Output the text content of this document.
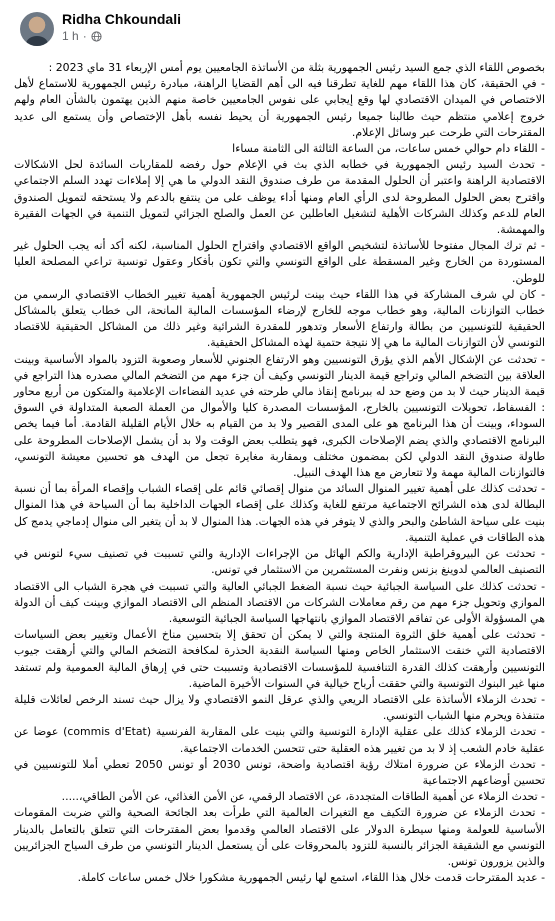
Ridha Chkoundali
1 h ·

بخصوص اللقاء الذي جمع السيد رئيس الجمهورية بثلة من الأساتذة الجامعيين يوم أمس الإربعاء 31 ماي 2023 :

- في الحقيقة، كان هذا اللقاء مهم للغاية تطرقنا فيه الى أهم القضايا الراهنة، مبادرة رئيس الجمهورية للاستماع لأهل الاختصاص في الميدان الاقتصادي لها وقع إيجابي على نفوس الجامعيين خاصة منهم الذين يهتمون بالشأن العام ولهم خروج إعلامي منتظم حيث طالبنا جميعا رئيس الجمهورية أن يحيط نفسه بأهل الإختصاص وأن يستمع الى عديد المقترحات التي طرحت عبر وسائل الإعلام.

- اللقاء دام حوالي خمس ساعات، من الساعة الثالثة الى الثامنة مساءا

- تحدث السيد رئيس الجمهورية في خطابه الذي بث في الإعلام حول رفضه للمقاربات السائدة لحل الاشكالات الاقتصادية الراهنة واعتبر أن الحلول المقدمة من طرف صندوق النقد الدولي ما هي إلا إملاءات تهدد السلم الاجتماعي واقترح بعض الحلول المطروحة لدى الرأي العام ومنها أداء يوظف على من ينتفع بالدعم ولا يستحقه لتمويل الصندوق العام للدعم وكذلك الشركات الأهلية لتشغيل العاطلين عن العمل والصلح الجزائي لتمويل التنمية في الجهات الفقيرة والمهمشة.

- ثم ترك المجال مفتوحا للأساتذة لتشخيص الواقع الاقتصادي واقتراح الحلول المناسبة، لكنه أكد أنه يجب الحلول غير المستوردة من الخارج وغير المسقطة على الواقع التونسي والتي تكون بأفكار وعقول تونسية تراعي المصلحة العليا للوطن.

- كان لي شرف المشاركة في هذا اللقاء حيث بينت لرئيس الجمهورية أهمية تغيير الخطاب الاقتصادي الرسمي من خطاب التوازنات المالية، وهو خطاب موجه للخارج لإرضاء المؤسسات المالية المانحة، الى خطاب يتعلق بالمشاكل الحقيقية للتونسيين من بطالة وارتفاع الأسعار وتدهور للمقدرة الشرائية وغير ذلك من المشاكل الحقيقية للاقتصاد التونسي لأن التوازنات المالية ما هي إلا نتيجة حتمية لهذه المشاكل الحقيقية.

- تحدثت عن الإشكال الأهم الذي يؤرق التونسيين وهو الارتفاع الجنوني للأسعار وصعوبة التزود بالمواد الأساسية وبينت العلاقة بين التضخم المالي وتراجع قيمة الدينار التونسي وكيف أن جزء مهم من التضخم المالي مصدره هذا التراجع في قيمة الدينار حيث لا بد من وضع حد له ببرنامج إنقاذ مالي طرحته في عديد الفضاءات الإعلامية والمتكون من أربع محاور : الفسفاط، تحويلات التونسيين بالخارج، المؤسسات المصدرة كليا والأموال من العملة الصعبة المتداولة في السوق السوداء، وبينت أن هذا البرنامج هو على المدى القصير ولا بد من القيام به خلال الأيام القليلة القادمة. أما فيما يخص البرنامج الاقتصادي والذي يضم الإصلاحات الكبرى، فهو يتطلب بعض الوقت ولا بد أن يشمل الإصلاحات المطروحة على طاولة صندوق النقد الدولي لكن بمضمون مختلف وبمقاربة مغايرة تجعل من الهدف هو تحسين معيشة التونسي، فالتوازنات المالية مهمة ولا تتعارض مع هذا الهدف النبيل.

- تحدثت كذلك على أهمية تغيير المنوال السائد من منوال إقصائي قائم على إقصاء الشباب وإقصاء المرأة بما أن نسبة البطالة لدى هذه الشرائح الاجتماعية مرتفع للغاية وكذلك على إقصاء الجهات الداخلية بما أن السياحة في هذا المنوال بنيت على سياحة الشاطئ والبحر والذي لا يتوفر في هذه الجهات. هذا المنوال لا بد أن يتغير الى منوال إدماجي يدمج كل هذه الطاقات في عملية التنمية.

- تحدثت عن البيروقراطية الإدارية والكم الهائل من الإجراءات الإدارية والتي تسببت في تصنيف سيء لتونس في التصنيف العالمي لدوينغ بزنس ونفرت المستثمرين من الاستثمار في تونس.

- تحدثت كذلك على السياسة الجبائية حيث نسبة الضغط الجبائي العالية والتي تسببت في هجرة الشباب الى الاقتصاد الموازي وتحويل جزء مهم من رقم معاملات الشركات من الاقتصاد المنظم الى الاقتصاد الموازي وبينت كيف أن الدولة هي المسؤولة الأولى عن تفاقم الاقتصاد الموازي بانتهاجها السياسة الجبائية التوسعية.

- تحدثت على أهمية خلق الثروة المنتجة والتي لا يمكن أن تحقق إلا بتحسين مناخ الأعمال وتغيير بعض السياسات الاقتصادية التي خنقت الاستثمار الخاص ومنها السياسة النقدية الحذرة لمكافحة التضخم المالي والتي أرهقت جيوب التونسيين وأرهقت كذلك القدرة التنافسية للمؤسسات الاقتصادية وتسببت حتى في إرهاق المالية العمومية ولم تستفد منها غير البنوك التونسية والتي حققت أرباح خيالية في السنوات الأخيرة الماضية.

- تحدث الزملاء الأساتذة على الاقتصاد الريعي والذي عرقل النمو الاقتصادي ولا يزال حيث تسند الرخص لعائلات قليلة متنفذة ويحرم منها الشباب التونسي.

- تحدث الزملاء كذلك على عقلية الإدارة التونسية والتي بنيت على المقاربة الفرنسية (commis d'Etat) عوضا عن عقلية خادم الشعب إذ لا بد من تغيير هذه العقلية حتى تتحسن الخدمات الاجتماعية.

- تحدث الزملاء عن ضرورة امتلاك رؤية اقتصادية واضحة، تونس 2030 أو تونس 2050 تعطي أملا للتونسيين في تحسين أوضاعهم الاجتماعية

- تحدث الزملاء عن أهمية الطاقات المتجددة، عن الاقتصاد الرقمي، عن الأمن الغذائي، عن الأمن الطاقي،.....

- تحدث الزملاء عن ضرورة التكيف مع التغيرات العالمية التي طرأت بعد الجائحة الصحية والتي ضربت المقومات الأساسية للعولمة ومنها سيطرة الدولار على الاقتصاد العالمي وقدموا بعض المقترحات التي تتعلق بالتعامل بالدينار التونسي مع الشقيقة الجزائر بالنسبة للتزود بالمحروقات على أن يستعمل الدينار التونسي من طرف السياح الجزائريين والذين يزورون تونس.

- عديد المقترحات قدمت خلال هذا اللقاء، استمع لها رئيس الجمهورية مشكورا خلال خمس ساعات كاملة.
